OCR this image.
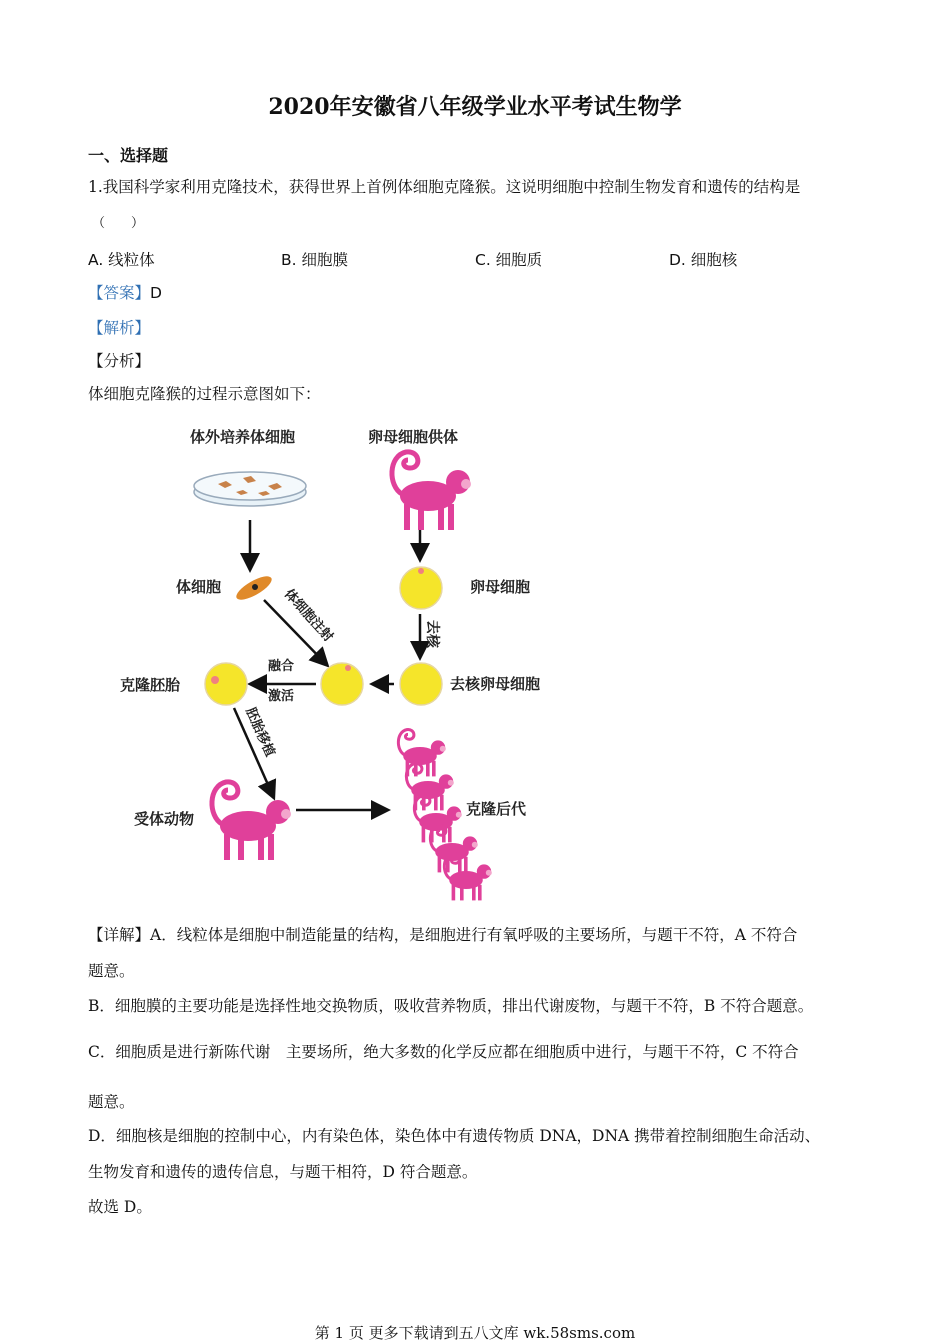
2020年安徽省八年级学业水平考试生物学
一、选择题
1.我国科学家利用克隆技术，获得世界上首例体细胞克隆猴。这说明细胞中控制生物发育和遗传的结构是
（　　）
A. 线粒体	B. 细胞膜	C. 细胞质	D. 细胞核
【答案】D
【解析】
【分析】
体细胞克隆猴的过程示意图如下：
体外培养体细胞	卵母细胞供体
体细胞	卵母细胞
去核
体细胞注射
去核卵母细胞
融合
激活
克隆胚胎
胚胎移植
受体动物
克隆后代
【详解】A．线粒体是细胞中制造能量的结构，是细胞进行有氧呼吸的主要场所，与题干不符，A 不符合
题意。
B．细胞膜的主要功能是选择性地交换物质，吸收营养物质，排出代谢废物，与题干不符，B 不符合题意。
C．细胞质是进行新陈代谢　主要场所，绝大多数的化学反应都在细胞质中进行，与题干不符，C 不符合
题意。
D．细胞核是细胞的控制中心，内有染色体，染色体中有遗传物质 DNA，DNA 携带着控制细胞生命活动、
生物发育和遗传的遗传信息，与题干相符，D 符合题意。
故选 D。
第 1 页 更多下载请到五八文库 wk.58sms.com
